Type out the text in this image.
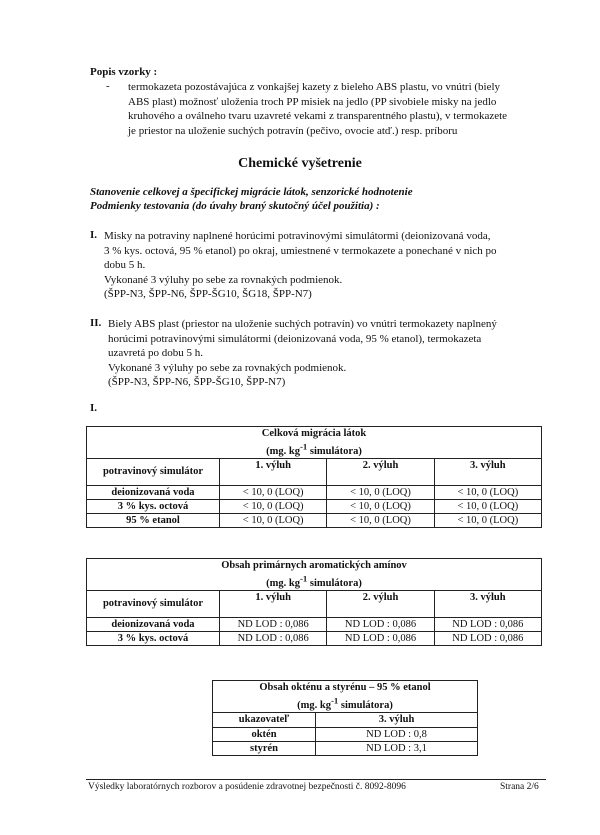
Popis vzorky :

- termokazeta pozostávajúca z vonkajšej kazety z bieleho ABS plastu, vo vnútri (biely

ABS plast) možnosť uloženia troch PP misiek na jedlo (PP sivobiele misky na jedlo

kruhového a oválneho tvaru uzavreté vekami z transparentného plastu), v termokazete

je priestor na uloženie suchých potravín (pečivo, ovocie atď.) resp. príboru

Chemické vyšetrenie

Stanovenie celkovej a špecifickej migrácie látok, senzorické hodnotenie

Podmienky testovania (do úvahy braný skutočný účel použitia) :

I. Misky na potraviny naplnené horúcimi potravinovými simulátormi (deionizovaná voda,

3 % kys. octová, 95 % etanol) po okraj, umiestnené v termokazete a ponechané v nich po

dobu 5 h.

Vykonané 3 výluhy po sebe za rovnakých podmienok.

(ŠPP-N3, ŠPP-N6, ŠPP-ŠG10, ŠG18, ŠPP-N7)

II. Biely ABS plast (priestor na uloženie suchých potravín) vo vnútri termokazety naplnený

horúcimi potravinovými simulátormi (deionizovaná voda, 95 % etanol), termokazeta

uzavretá po dobu 5 h.

Vykonané 3 výluhy po sebe za rovnakých podmienok.

(ŠPP-N3, ŠPP-N6, ŠPP-ŠG10, ŠPP-N7)

I.
Celková migrácia látok
(mg. $kg^{-1}$ simulátora)			
potravinový simulátor	1. výluh	2. výluh	3. výluh
deionizovaná voda	< 10, 0 (LOQ)	< 10, 0 (LOQ)	< 10, 0 (LOQ)
3 % kys. octová	< 10, 0 (LOQ)	< 10, 0 (LOQ)	< 10, 0 (LOQ)
95 % etanol	< 10, 0 (LOQ)	< 10, 0 (LOQ)	< 10, 0 (LOQ)
Obsah primárnych aromatických amínov
(mg. $kg^{-1}$ simulátora)			
potravinový simulátor	1. výluh	2. výluh	3. výluh
deionizovaná voda	ND LOD : 0,086	ND LOD : 0,086	ND LOD : 0,086
3 % kys. octová	ND LOD : 0,086	ND LOD : 0,086	ND LOD : 0,086
Obsah okténu a styrénu – 95 % etanol
(mg. $kg^{-1}$ simulátora)	
ukazovateľ	3. výluh
oktén	ND LOD : 0,8
styrén	ND LOD : 3,1

Výsledky laboratórnych rozborov a posúdenie zdravotnej bezpečnosti č. 8092-8096	Strana 2/6
